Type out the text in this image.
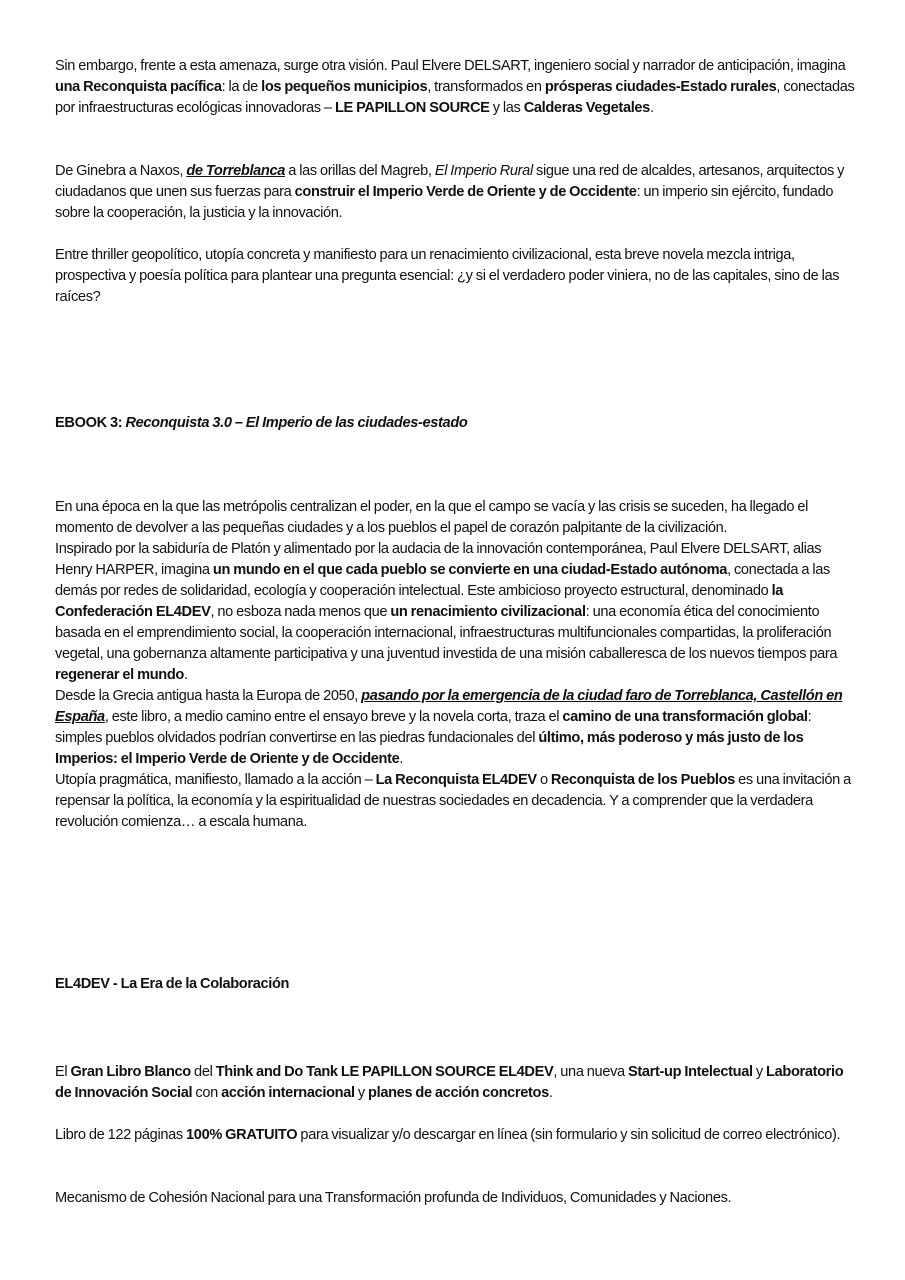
Sin embargo, frente a esta amenaza, surge otra visión. Paul Elvere DELSART, ingeniero social y narrador de anticipación, imagina una Reconquista pacífica: la de los pequeños municipios, transformados en prósperas ciudades-Estado rurales, conectadas por infraestructuras ecológicas innovadoras – LE PAPILLON SOURCE y las Calderas Vegetales.

De Ginebra a Naxos, de Torreblanca a las orillas del Magreb, El Imperio Rural sigue una red de alcaldes, artesanos, arquitectos y ciudadanos que unen sus fuerzas para construir el Imperio Verde de Oriente y de Occidente: un imperio sin ejército, fundado sobre la cooperación, la justicia y la innovación.

Entre thriller geopolítico, utopía concreta y manifiesto para un renacimiento civilizacional, esta breve novela mezcla intriga, prospectiva y poesía política para plantear una pregunta esencial: ¿y si el verdadero poder viniera, no de las capitales, sino de las raíces?

EBOOK 3: Reconquista 3.0 – El Imperio de las ciudades-estado

En una época en la que las metrópolis centralizan el poder, en la que el campo se vacía y las crisis se suceden, ha llegado el momento de devolver a las pequeñas ciudades y a los pueblos el papel de corazón palpitante de la civilización.
Inspirado por la sabiduría de Platón y alimentado por la audacia de la innovación contemporánea, Paul Elvere DELSART, alias Henry HARPER, imagina un mundo en el que cada pueblo se convierte en una ciudad-Estado autónoma, conectada a las demás por redes de solidaridad, ecología y cooperación intelectual. Este ambicioso proyecto estructural, denominado la Confederación EL4DEV, no esboza nada menos que un renacimiento civilizacional: una economía ética del conocimiento basada en el emprendimiento social, la cooperación internacional, infraestructuras multifuncionales compartidas, la proliferación vegetal, una gobernanza altamente participativa y una juventud investida de una misión caballeresca de los nuevos tiempos para regenerar el mundo.
Desde la Grecia antigua hasta la Europa de 2050, pasando por la emergencia de la ciudad faro de Torreblanca, Castellón en España, este libro, a medio camino entre el ensayo breve y la novela corta, traza el camino de una transformación global: simples pueblos olvidados podrían convertirse en las piedras fundacionales del último, más poderoso y más justo de los Imperios: el Imperio Verde de Oriente y de Occidente.
Utopía pragmática, manifiesto, llamado a la acción – La Reconquista EL4DEV o Reconquista de los Pueblos es una invitación a repensar la política, la economía y la espiritualidad de nuestras sociedades en decadencia. Y a comprender que la verdadera revolución comienza… a escala humana.

EL4DEV - La Era de la Colaboración

El Gran Libro Blanco del Think and Do Tank LE PAPILLON SOURCE EL4DEV, una nueva Start-up Intelectual y Laboratorio de Innovación Social con acción internacional y planes de acción concretos.

Libro de 122 páginas 100% GRATUITO para visualizar y/o descargar en línea (sin formulario y sin solicitud de correo electrónico).

Mecanismo de Cohesión Nacional para una Transformación profunda de Individuos, Comunidades y Naciones.
